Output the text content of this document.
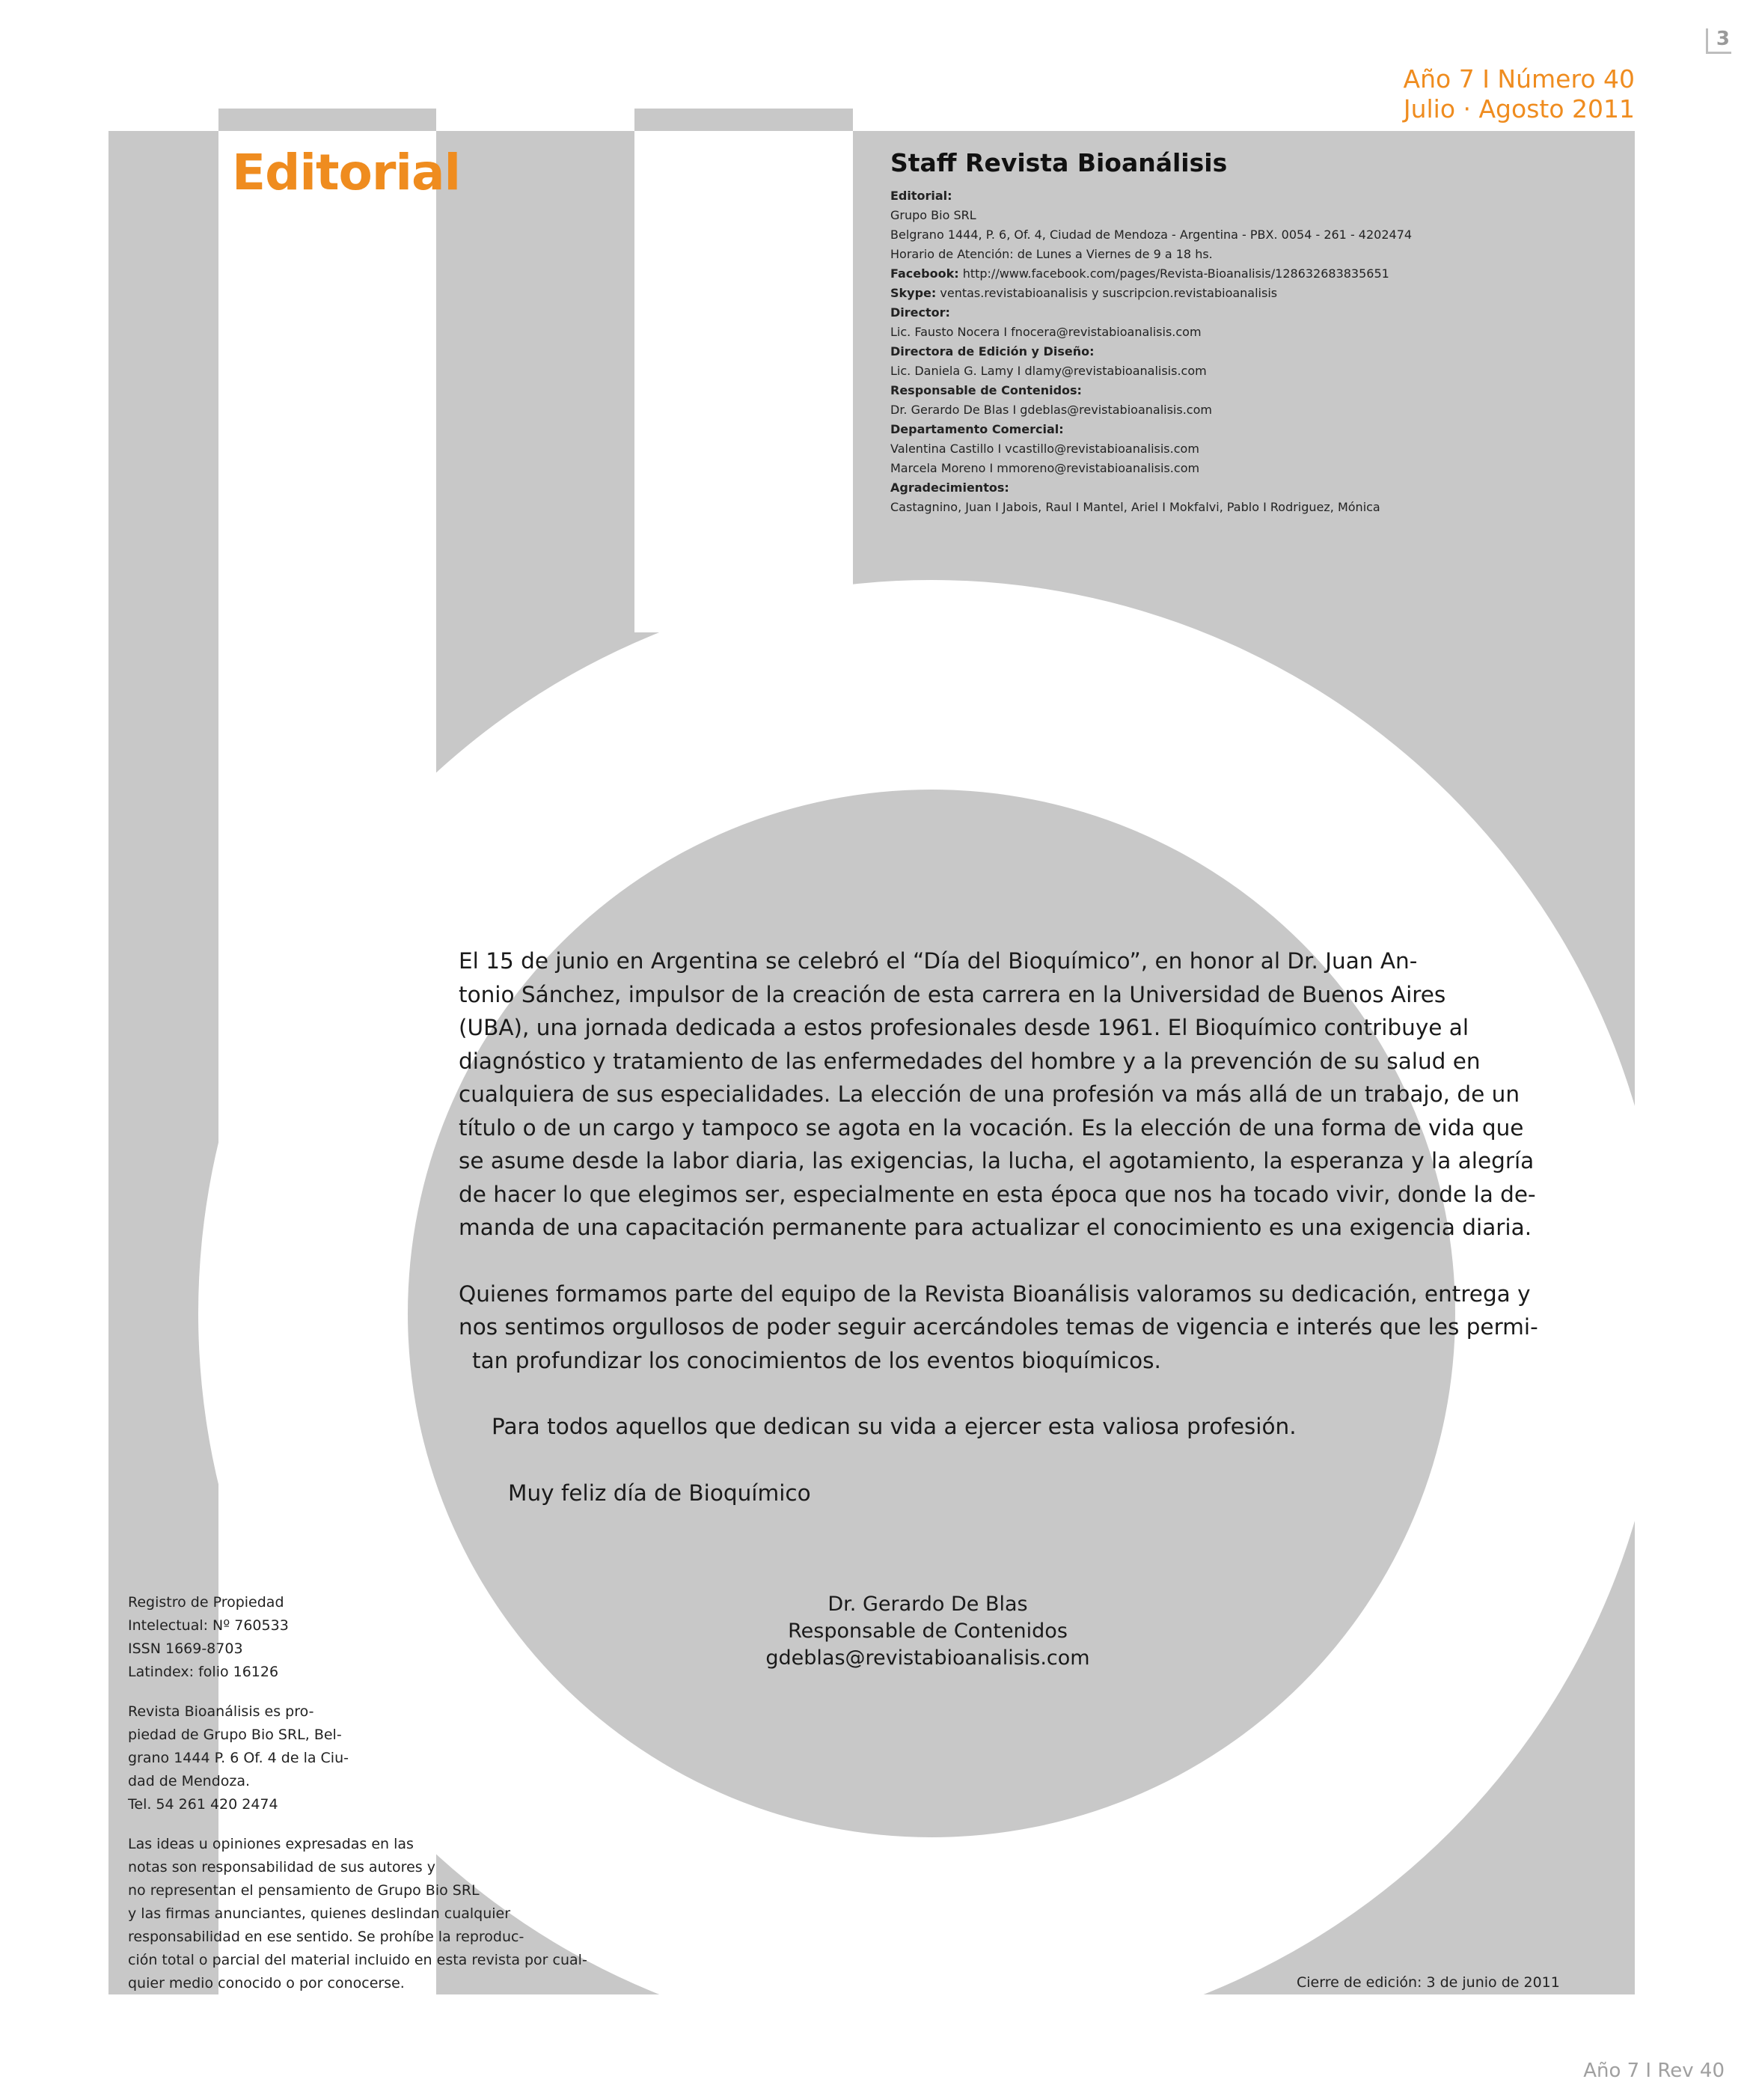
3
Año 7 I Número 40
Julio · Agosto 2011
Editorial	Staff Revista Bioanálisis
Editorial:
Grupo Bio SRL
Belgrano 1444, P. 6, Of. 4, Ciudad de Mendoza - Argentina - PBX. 0054 - 261 - 4202474
Horario de Atención: de Lunes a Viernes de 9 a 18 hs.
Facebook: http://www.facebook.com/pages/Revista-Bioanalisis/128632683835651
Skype: ventas.revistabioanalisis y suscripcion.revistabioanalisis
Director:
Lic. Fausto Nocera I fnocera@revistabioanalisis.com
Directora de Edición y Diseño:
Lic. Daniela G. Lamy I dlamy@revistabioanalisis.com
Responsable de Contenidos:
Dr. Gerardo De Blas I gdeblas@revistabioanalisis.com
Departamento Comercial:
Valentina Castillo I vcastillo@revistabioanalisis.com
Marcela Moreno I mmoreno@revistabioanalisis.com
Agradecimientos:
Castagnino, Juan I Jabois, Raul I Mantel, Ariel I Mokfalvi, Pablo I Rodriguez, Mónica

El 15 de junio en Argentina se celebró el “Día del Bioquímico”, en honor al Dr. Juan An-

tonio Sánchez, impulsor de la creación de esta carrera en la Universidad de Buenos Aires

(UBA), una jornada dedicada a estos profesionales desde 1961. El Bioquímico contribuye al

diagnóstico y tratamiento de las enfermedades del hombre y a la prevención de su salud en

cualquiera de sus especialidades. La elección de una profesión va más allá de un trabajo, de un

título o de un cargo y tampoco se agota en la vocación. Es la elección de una forma de vida que

se asume desde la labor diaria, las exigencias, la lucha, el agotamiento, la esperanza y la alegría

de hacer lo que elegimos ser, especialmente en esta época que nos ha tocado vivir, donde la de-

manda de una capacitación permanente para actualizar el conocimiento es una exigencia diaria.

Quienes formamos parte del equipo de la Revista Bioanálisis valoramos su dedicación, entrega y

nos sentimos orgullosos de poder seguir acercándoles temas de vigencia e interés que les permi-

tan profundizar los conocimientos de los eventos bioquímicos.

Para todos aquellos que dedican su vida a ejercer esta valiosa profesión.

Muy feliz día de Bioquímico

Dr. Gerardo De Blas
Responsable de Contenidos
gdeblas@revistabioanalisis.com

Registro de Propiedad
Intelectual: Nº 760533
ISSN 1669-8703
Latindex: folio 16126

Revista Bioanálisis es pro-
piedad de Grupo Bio SRL, Bel-
grano 1444 P. 6 Of. 4 de la Ciu-
dad de Mendoza.
Tel. 54 261 420 2474

Las ideas u opiniones expresadas en las
notas son responsabilidad de sus autores y
no representan el pensamiento de Grupo Bio SRL
y las firmas anunciantes, quienes deslindan cualquier
responsabilidad en ese sentido. Se prohíbe la reproduc-
ción total o parcial del material incluido en esta revista por cual-
quier medio conocido o por conocerse.	Cierre de edición: 3 de junio de 2011
Año 7 I Rev 40
